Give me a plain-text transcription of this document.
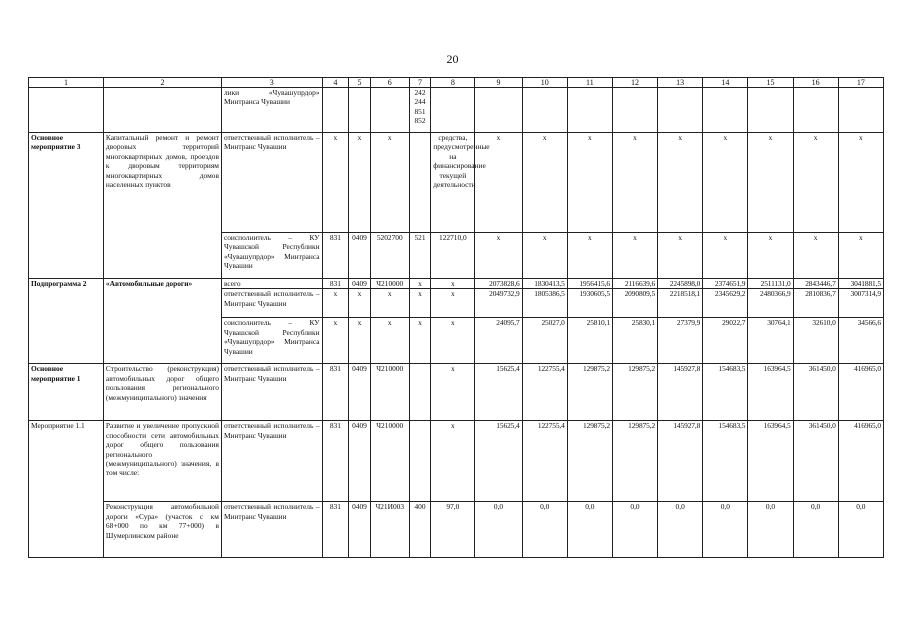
20
1	2	3	4	5	6	7	8	9	10	11	12	13	14	15	16	17
		лики «Чувашупрдор» Минтранса Чувашии				242 244 851 852										
Основное мероприятие 3	Капитальный ремонт и ремонт дворовых территорий многоквартирных домов, проездов к дворовым территориям многоквартирных домов населенных пунктов	ответственный исполнитель – Минтранс Чувашии	x	x	x		средства, предусмотренные на финансирование текущей деятельности	x	x	x	x	x	x	x	x	x
		соисполнитель – КУ Чувашской Республики «Чувашупрдор» Минтранса Чувашии	831	0409	5202700	521	122710,0	x	x	x	x	x	x	x	x	x
Подпрограмма 2	«Автомобильные дороги»	всего	831	0409	Ч210000	x	x	2073828,6	1830413,5	1956415,6	2116639,6	2245898,0	2374651,9	2511131,0	2843446,7	3041881,5
		ответственный исполнитель – Минтранс Чувашии	x	x	x	x	x	2049732,9	1805386,5	1930605,5	2090809,5	2218518,1	2345629,2	2480366,9	2810836,7	3007314,9
		соисполнитель – КУ Чувашской Республики «Чувашупрдор» Минтранса Чувашии	x	x	x	x	x	24095,7	25027,0	25810,1	25830,1	27379,9	29022,7	30764,1	32610,0	34566,6
Основное мероприятие 1	Строительство (реконструкция) автомобильных дорог общего пользования регионального (межмуниципального) значения	ответственный исполнитель – Минтранс Чувашии	831	0409	Ч210000		x	15625,4	122755,4	129875,2	129875,2	145927,8	154683,5	163964,5	361450,0	416965,0
Мероприятие 1.1	Развитие и увеличение пропускной способности сети автомобильных дорог общего пользования регионального (межмуниципального) значения, в том числе:	ответственный исполнитель – Минтранс Чувашии	831	0409	Ч210000		x	15625,4	122755,4	129875,2	129875,2	145927,8	154683,5	163964,5	361450,0	416965,0
	Реконструкция автомобильной дороги «Сура» (участок с км 68+000 по км 77+000) в Шумерлинском районе	ответственный исполнитель – Минтранс Чувашии	831	0409	Ч21И003	400	97,0	0,0	0,0	0,0	0,0	0,0	0,0	0,0	0,0	0,0
